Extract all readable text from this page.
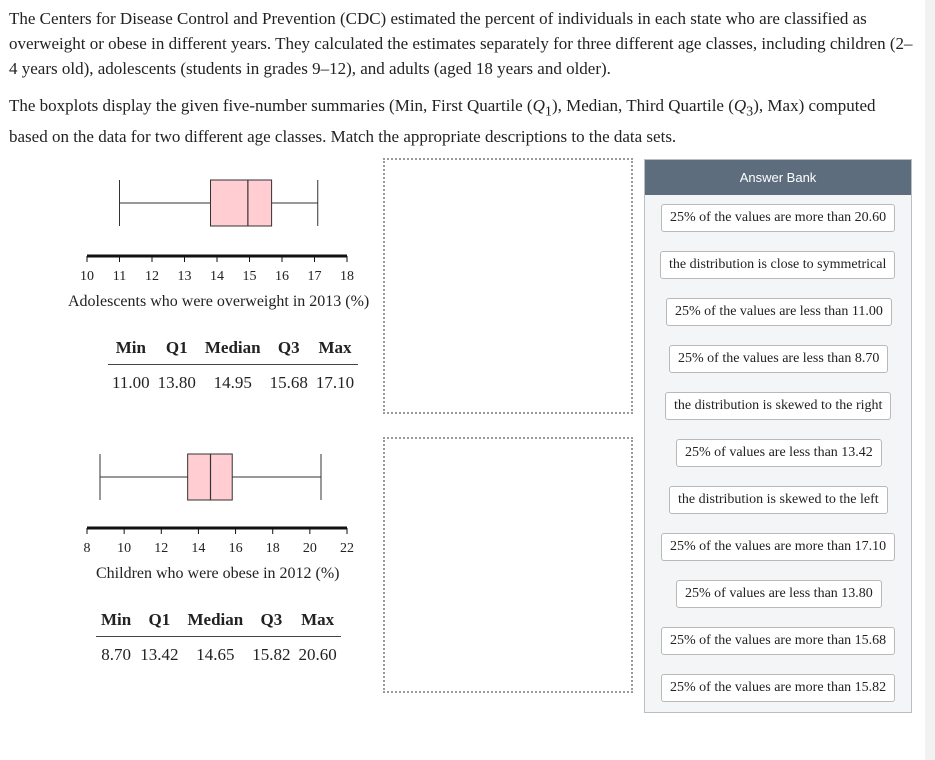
The Centers for Disease Control and Prevention (CDC) estimated the percent of individuals in each state who are classified as overweight or obese in different years. They calculated the estimates separately for three different age classes, including children (2–4 years old), adolescents (students in grades 9–12), and adults (aged 18 years and older).

The boxplots display the given five-number summaries (Min, First Quartile $(Q_1)$, Median, Third Quartile $(Q_3)$, Max) computed based on the data for two different age classes. Match the appropriate descriptions to the data sets.

10 11 12 13 14 15 16 17 18
Adolescents who were overweight in 2013 (%)
Min	Q1	Median	Q3	Max
11.00	13.80	14.95	15.68	17.10
8 10 12 14 16 18 20 22
Children who were obese in 2012 (%)
Min	Q1	Median	Q3	Max
8.70	13.42	14.65	15.82	20.60
Answer Bank
25% of the values are more than 20.60
the distribution is close to symmetrical
25% of the values are less than 11.00
25% of the values are less than 8.70
the distribution is skewed to the right
25% of values are less than 13.42
the distribution is skewed to the left
25% of the values are more than 17.10
25% of values are less than 13.80
25% of the values are more than 15.68
25% of the values are more than 15.82
